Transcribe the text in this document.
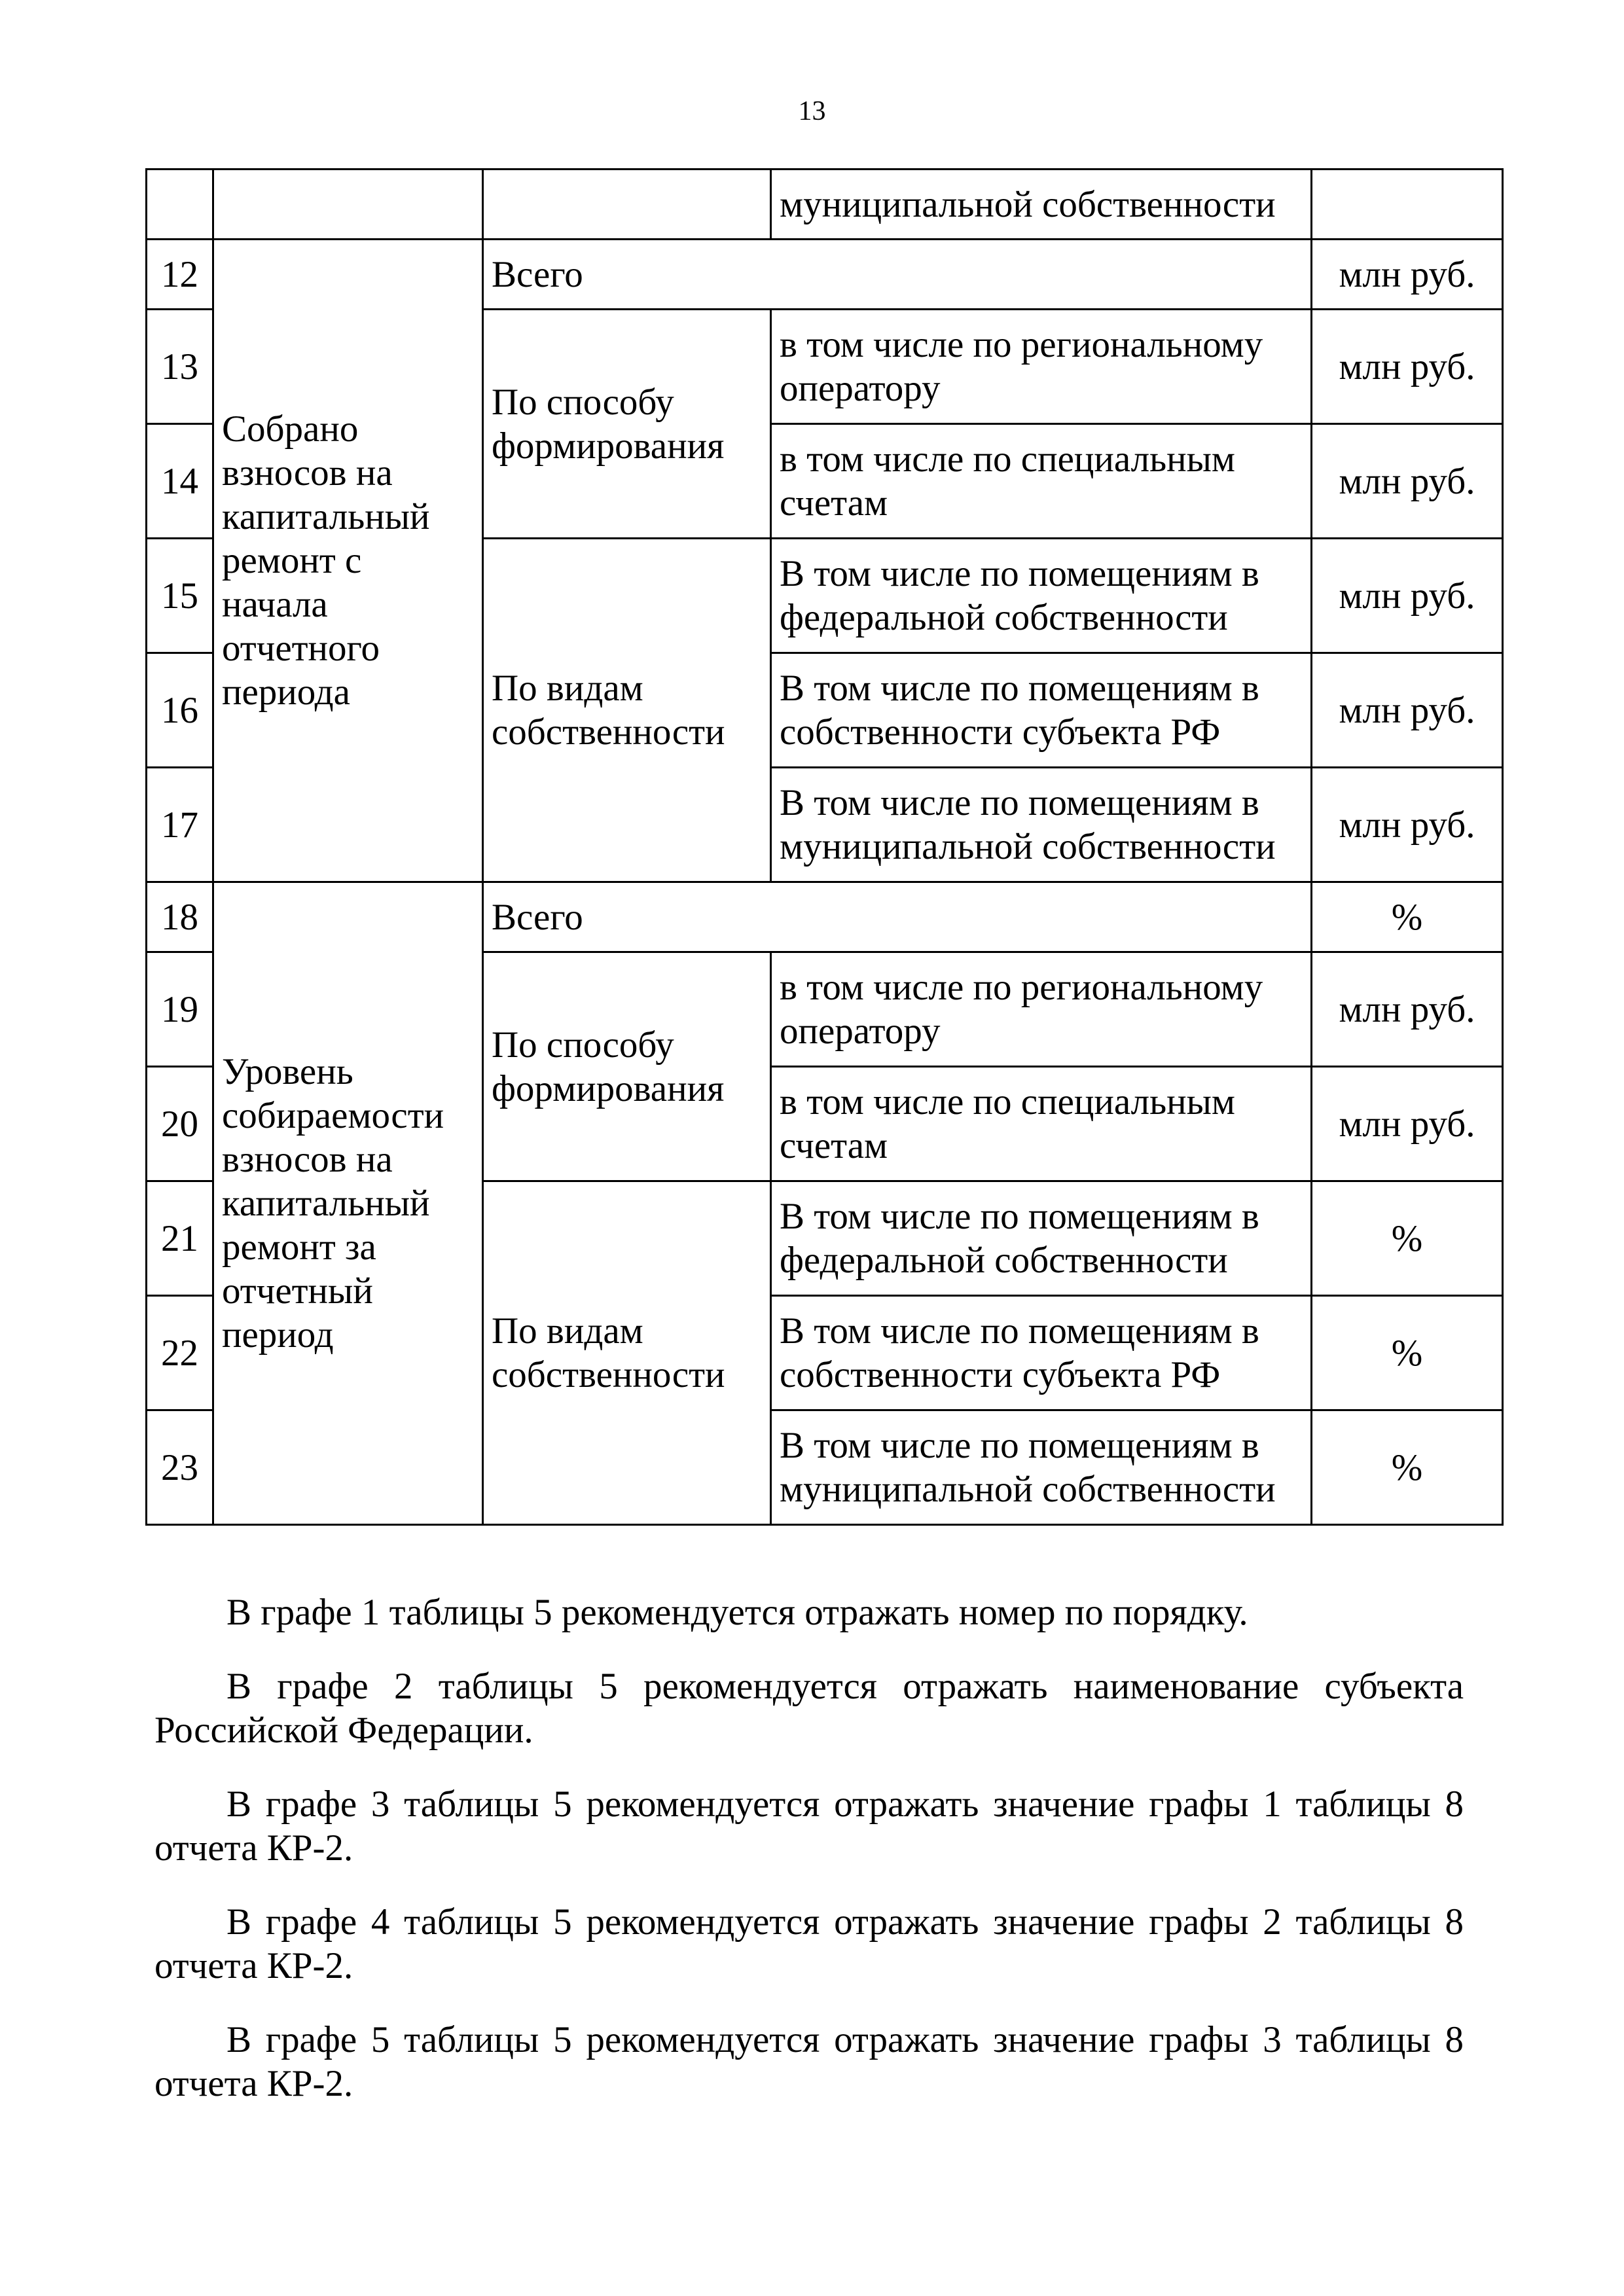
13
			муниципальной собственности	
12	Собрано взносов на капитальный ремонт с начала отчетного периода	Всего		млн руб.
13		По способу формирования	в том числе по региональному оператору	млн руб.
14			в том числе по специальным счетам	млн руб.
15		По видам собственности	В том числе по помещениям в федеральной собственности	млн руб.
16			В том числе по помещениям в собственности субъекта РФ	млн руб.
17			В том числе по помещениям в муниципальной собственности	млн руб.
18	Уровень собираемости взносов на капитальный ремонт за отчетный период	Всего		%
19		По способу формирования	в том числе по региональному оператору	млн руб.
20			в том числе по специальным счетам	млн руб.
21		По видам собственности	В том числе по помещениям в федеральной собственности	%
22			В том числе по помещениям в собственности субъекта РФ	%
23			В том числе по помещениям в муниципальной собственности	%

В графе 1 таблицы 5 рекомендуется отражать номер по порядку.

В графе 2 таблицы 5 рекомендуется отражать наименование субъекта Российской Федерации.

В графе 3 таблицы 5 рекомендуется отражать значение графы 1 таблицы 8 отчета КР-2.

В графе 4 таблицы 5 рекомендуется отражать значение графы 2 таблицы 8 отчета КР-2.

В графе 5 таблицы 5 рекомендуется отражать значение графы 3 таблицы 8 отчета КР-2.
